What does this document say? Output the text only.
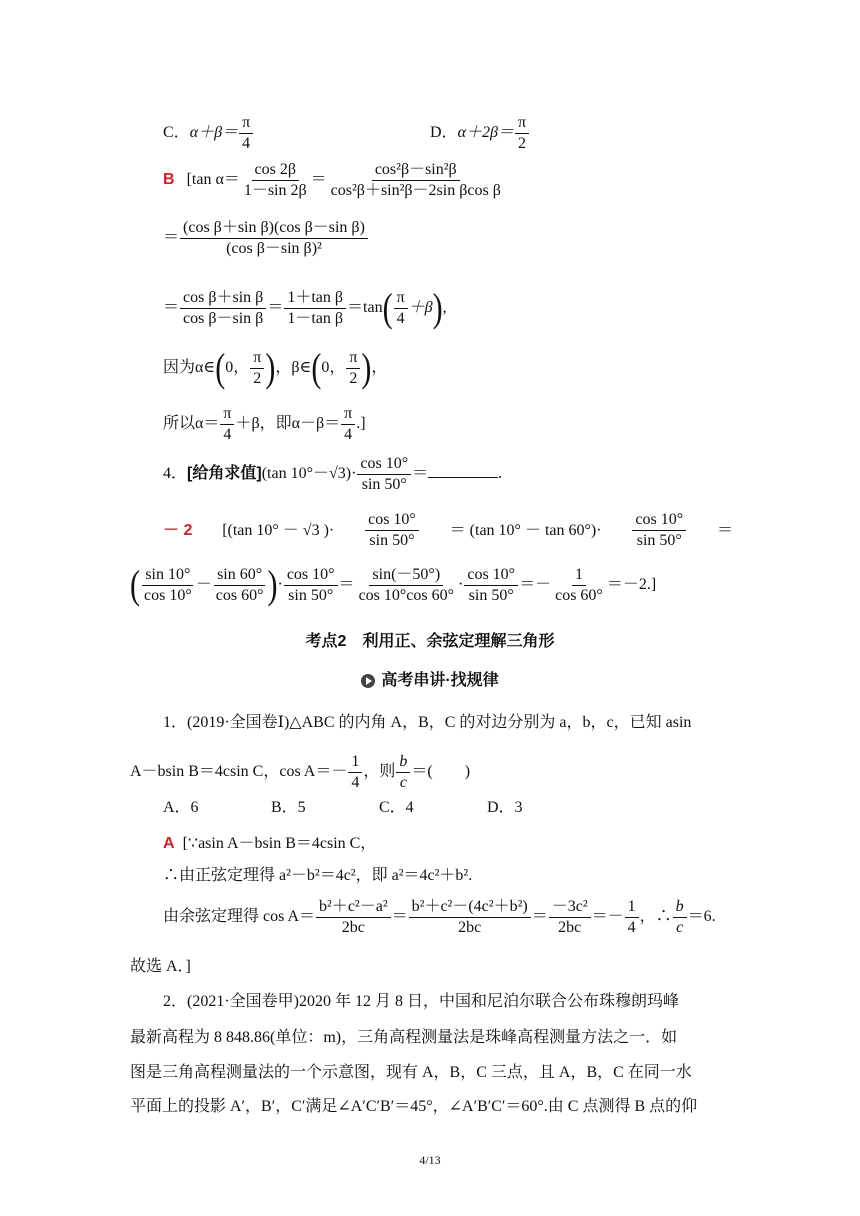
C．$\alpha+\beta= \frac{\pi}{4}$	D．$\alpha+2\beta= \frac{\pi}{2}$
B [tan $\alpha= \frac{\cos 2\beta}{1-\sin 2\beta} = \frac{\text{cos²β－sin²β}}{\text{cos²β＋sin²β－2sin βcos β}}$
＝ $\frac{\text{(cos β＋sin β)(cos β－sin β)}}{\text{(cos β－sin β)²}}$
＝ $\frac{\text{cos β＋sin β}}{\text{cos β－sin β}} = \frac{\text{1＋tan β}}{\text{1－tan β}} =\tan( \frac{\pi}{4} +\beta)$,
因为α∈(0， $\frac{\pi}{2}$ )，β∈(0， $\frac{\pi}{2}$ )，
所以$\alpha= \frac{\pi}{4} +\beta$，即$\alpha-\beta= \frac{\pi}{4}$ .]
4．[给角求值](tan $10^\circ-√3)\cdot \frac{\cos 10^\circ}{\sin 50^\circ}$ ＝	.
－ 2 [(tan 10° － √3 )· $\frac{\cos 10^\circ}{\sin 50^\circ} = (\tan$ $10^\circ - \tan 60^\circ)\cdot \frac{\cos 10^\circ}{\sin 50^\circ}$ ＝
( $\frac{\sin 10^\circ}{\cos 10^\circ} - \frac{\sin 60^\circ}{\cos 60^\circ}$ )· $\frac{\cos 10^\circ}{\sin 50^\circ} = \frac{\sin(-50^\circ)}{\cos 10^\circ\cos 60^\circ} \cdot \frac{\cos 10^\circ}{\sin 50^\circ} =- \frac{1}{\cos 60^\circ} =-2$.]
考点2　利用正、余弦定理解三角形
高考串讲·找规律
1．(2019·全国卷Ⅰ)△ABC 的内角 A，B，C 的对边分别为 a，b，c，已知 asin
A－bsin B＝4csin C，$\cos A=- \frac{1}{4}$ ，则 $\frac{b}{c}$ ＝(　　)
A．6	B．5	C．4	D．3
A [∵asin A－bsin B＝4csin C，
∴由正弦定理得 a²－b²＝4c²，即 a²＝4c²＋b².
由余弦定理得 $\cos A= \frac{\text{b²＋c²－a²}}{2bc} = \frac{\text{b²＋c²－(4c²＋b²)}}{2bc} = \frac{\text{－3c²}}{2bc} =- \frac{1}{4}$ ，∴ $\frac{b}{c} =6$.
故选 A．]
2．(2021·全国卷甲)2020 年 12 月 8 日，中国和尼泊尔联合公布珠穆朗玛峰
最新高程为 8 848.86(单位：m)，三角高程测量法是珠峰高程测量方法之一．如
图是三角高程测量法的一个示意图，现有 A，B，C 三点，且 A，B，C 在同一水
平面上的投影 A′，B′，C′满足∠A′C′B′＝45°，∠A′B′C′＝60°.由 C 点测得 B 点的仰
4/13
